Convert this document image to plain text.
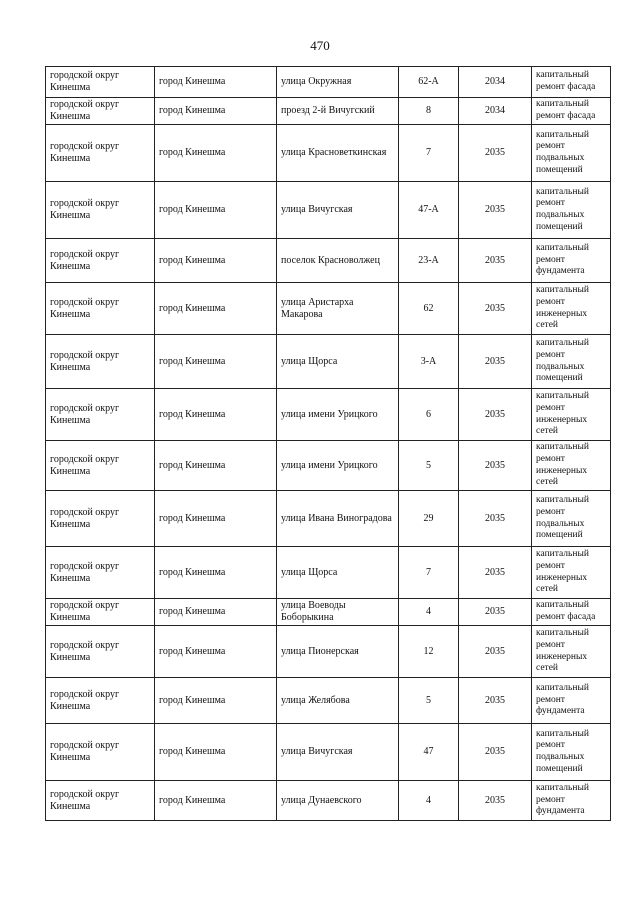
470
городской округ Кинешма	город Кинешма	улица Окружная	62-А	2034	капитальный ремонт фасада
городской округ Кинешма	город Кинешма	проезд 2-й Вичугский	8	2034	капитальный ремонт фасада
городской округ Кинешма	город Кинешма	улица Красноветкинская	7	2035	капитальный ремонт подвальных помещений
городской округ Кинешма	город Кинешма	улица Вичугская	47-А	2035	капитальный ремонт подвальных помещений
городской округ Кинешма	город Кинешма	поселок Красноволжец	23-А	2035	капитальный ремонт фундамента
городской округ Кинешма	город Кинешма	улица Аристарха Макарова	62	2035	капитальный ремонт инженерных сетей
городской округ Кинешма	город Кинешма	улица Щорса	3-А	2035	капитальный ремонт подвальных помещений
городской округ Кинешма	город Кинешма	улица имени Урицкого	6	2035	капитальный ремонт инженерных сетей
городской округ Кинешма	город Кинешма	улица имени Урицкого	5	2035	капитальный ремонт инженерных сетей
городской округ Кинешма	город Кинешма	улица Ивана Виноградова	29	2035	капитальный ремонт подвальных помещений
городской округ Кинешма	город Кинешма	улица Щорса	7	2035	капитальный ремонт инженерных сетей
городской округ Кинешма	город Кинешма	улица Воеводы Боборыкина	4	2035	капитальный ремонт фасада
городской округ Кинешма	город Кинешма	улица Пионерская	12	2035	капитальный ремонт инженерных сетей
городской округ Кинешма	город Кинешма	улица Желябова	5	2035	капитальный ремонт фундамента
городской округ Кинешма	город Кинешма	улица Вичугская	47	2035	капитальный ремонт подвальных помещений
городской округ Кинешма	город Кинешма	улица Дунаевского	4	2035	капитальный ремонт фундамента
